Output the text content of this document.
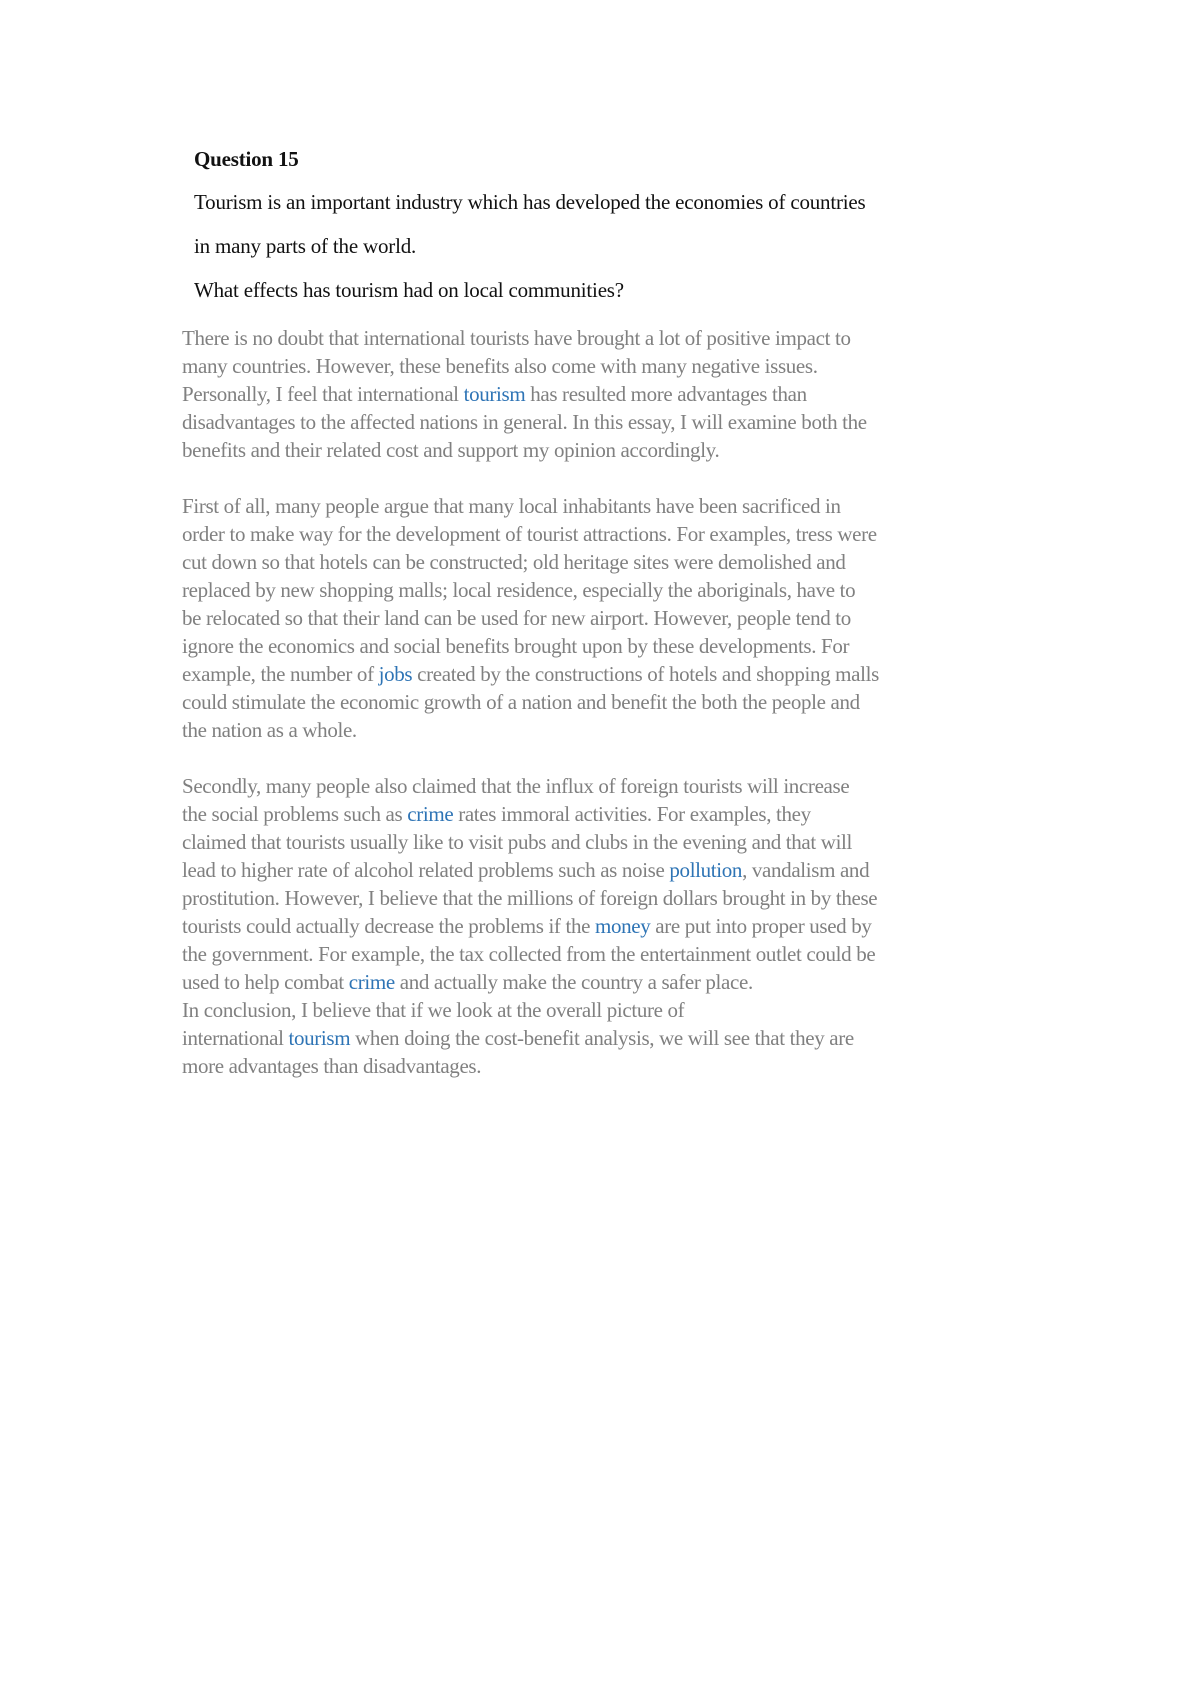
Question 15
Tourism is an important industry which has developed the economies of countries
in many parts of the world.
What effects has tourism had on local communities?

There is no doubt that international tourists have brought a lot of positive impact to
many countries. However, these benefits also come with many negative issues.
Personally, I feel that international tourism has resulted more advantages than
disadvantages to the affected nations in general. In this essay, I will examine both the
benefits and their related cost and support my opinion accordingly.

First of all, many people argue that many local inhabitants have been sacrificed in
order to make way for the development of tourist attractions. For examples, tress were
cut down so that hotels can be constructed; old heritage sites were demolished and
replaced by new shopping malls; local residence, especially the aboriginals, have to
be relocated so that their land can be used for new airport. However, people tend to
ignore the economics and social benefits brought upon by these developments. For
example, the number of jobs created by the constructions of hotels and shopping malls
could stimulate the economic growth of a nation and benefit the both the people and
the nation as a whole.

Secondly, many people also claimed that the influx of foreign tourists will increase
the social problems such as crime rates immoral activities. For examples, they
claimed that tourists usually like to visit pubs and clubs in the evening and that will
lead to higher rate of alcohol related problems such as noise pollution, vandalism and
prostitution. However, I believe that the millions of foreign dollars brought in by these
tourists could actually decrease the problems if the money are put into proper used by
the government. For example, the tax collected from the entertainment outlet could be
used to help combat crime and actually make the country a safer place.
In conclusion, I believe that if we look at the overall picture of
international tourism when doing the cost-benefit analysis, we will see that they are
more advantages than disadvantages.
